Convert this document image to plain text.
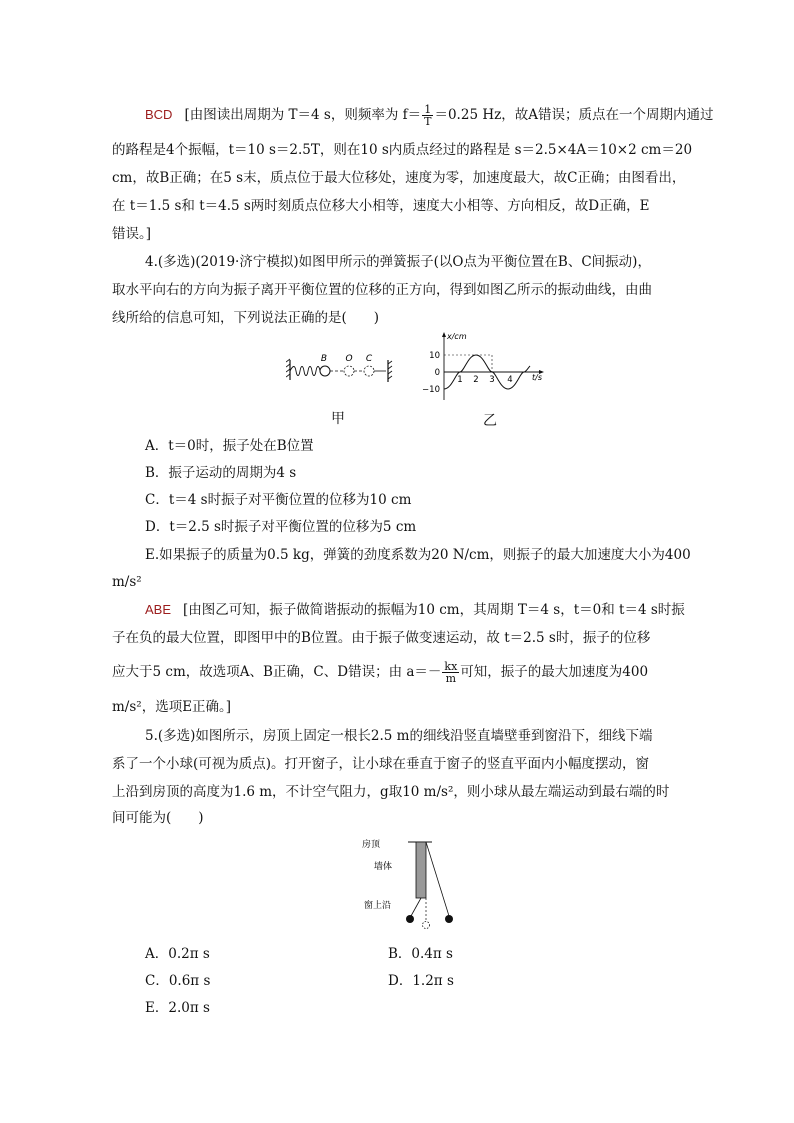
BCD [由图读出周期为 T＝4 s，则频率为 $f= \frac{1}{T} =0.25$ Hz，故A错误；质点在一个周期内通过
的路程是4个振幅，t＝10 s＝2.5T，则在10 s内质点经过的路程是 s＝2.5×4A＝10×2 cm＝20
cm，故B正确；在5 s末，质点位于最大位移处，速度为零，加速度最大，故C正确；由图看出，
在 t＝1.5 s和 t＝4.5 s两时刻质点位移大小相等，速度大小相等、方向相反，故D正确，E
错误。]
4.(多选)(2019·济宁模拟)如图甲所示的弹簧振子(以O点为平衡位置在B、C间振动)，
取水平向右的方向为振子离开平衡位置的位移的正方向，得到如图乙所示的振动曲线，由曲
线所给的信息可知，下列说法正确的是(　　)
B O C
甲
x/cm
t/s
10
0
−10
1 2 3 4
乙
A．t＝0时，振子处在B位置
B．振子运动的周期为4 s
C．t＝4 s时振子对平衡位置的位移为10 cm
D．t＝2.5 s时振子对平衡位置的位移为5 cm
E.如果振子的质量为0.5 kg，弹簧的劲度系数为20 N/cm，则振子的最大加速度大小为400
m/s²
ABE [由图乙可知，振子做简谐振动的振幅为10 cm，其周期 T＝4 s，t＝0和 t＝4 s时振
子在负的最大位置，即图甲中的B位置。由于振子做变速运动，故 t＝2.5 s时，振子的位移
应大于5 cm，故选项A、B正确，C、D错误；由 $a=- \frac{kx}{m}$ 可知，振子的最大加速度为400
m/s²，选项E正确。]
5.(多选)如图所示，房顶上固定一根长2.5 m的细线沿竖直墙壁垂到窗沿下，细线下端
系了一个小球(可视为质点)。打开窗子，让小球在垂直于窗子的竖直平面内小幅度摆动，窗
上沿到房顶的高度为1.6 m，不计空气阻力，g取10 m/s²，则小球从最左端运动到最右端的时
间可能为(　　)
房顶
墙体
窗上沿
A．0.2π s	B．0.4π s
C．0.6π s	D．1.2π s
E．2.0π s
